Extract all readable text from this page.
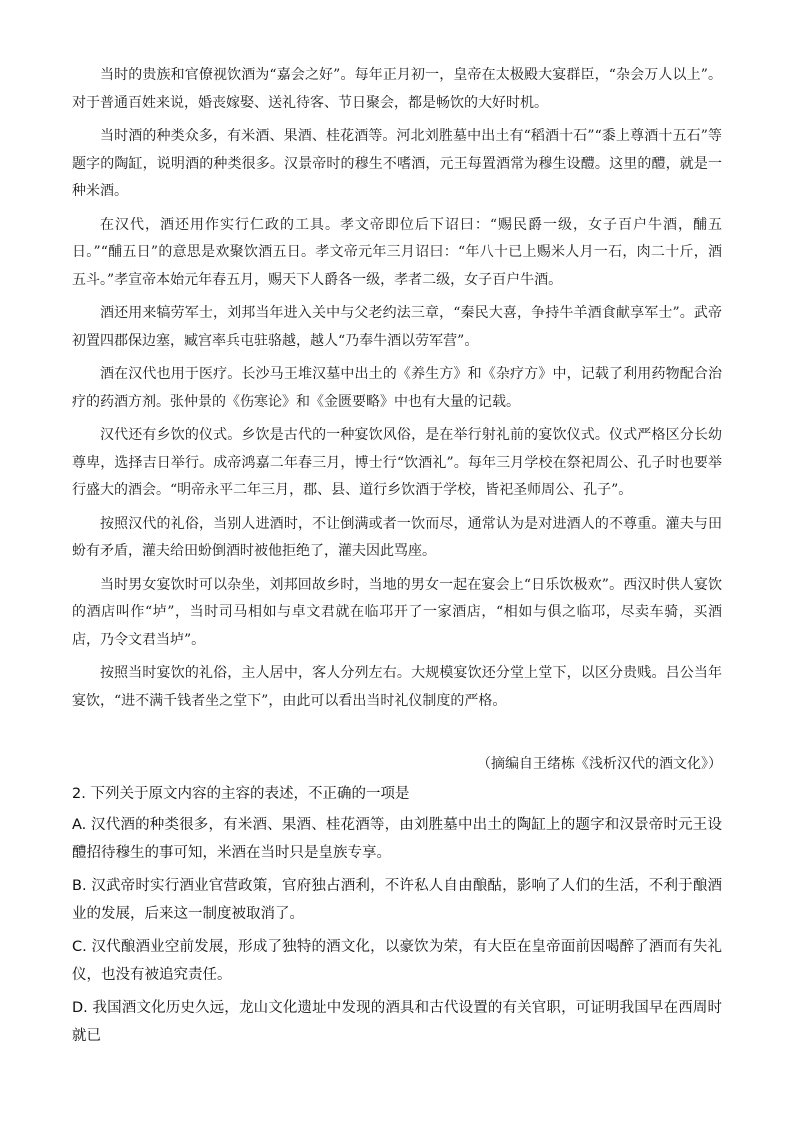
当时的贵族和官僚视饮酒为“嘉会之好”。每年正月初一，皇帝在太极殿大宴群臣，“杂会万人以上”。对于普通百姓来说，婚丧嫁娶、送礼待客、节日聚会，都是畅饮的大好时机。

当时酒的种类众多，有米酒、果酒、桂花酒等。河北刘胜墓中出土有“稻酒十石”“黍上尊酒十五石”等题字的陶缸，说明酒的种类很多。汉景帝时的穆生不嗜酒，元王每置酒常为穆生设醴。这里的醴，就是一种米酒。

在汉代，酒还用作实行仁政的工具。孝文帝即位后下诏曰：“赐民爵一级，女子百户牛酒，酺五日。”“酺五日”的意思是欢聚饮酒五日。孝文帝元年三月诏曰：“年八十已上赐米人月一石，肉二十斤，酒五斗。”孝宣帝本始元年春五月，赐天下人爵各一级，孝者二级，女子百户牛酒。

酒还用来犒劳军士，刘邦当年进入关中与父老约法三章，“秦民大喜，争持牛羊酒食献享军士”。武帝初置四郡保边塞，臧宫率兵屯驻骆越，越人“乃奉牛酒以劳军营”。

酒在汉代也用于医疗。长沙马王堆汉墓中出土的《养生方》和《杂疗方》中，记载了利用药物配合治疗的药酒方剂。张仲景的《伤寒论》和《金匮要略》中也有大量的记载。

汉代还有乡饮的仪式。乡饮是古代的一种宴饮风俗，是在举行射礼前的宴饮仪式。仪式严格区分长幼尊卑，选择吉日举行。成帝鸿嘉二年春三月，博士行“饮酒礼”。每年三月学校在祭祀周公、孔子时也要举行盛大的酒会。“明帝永平二年三月，郡、县、道行乡饮酒于学校，皆祀圣师周公、孔子”。

按照汉代的礼俗，当别人进酒时，不让倒满或者一饮而尽，通常认为是对进酒人的不尊重。灌夫与田蚡有矛盾，灌夫给田蚡倒酒时被他拒绝了，灌夫因此骂座。

当时男女宴饮时可以杂坐，刘邦回故乡时，当地的男女一起在宴会上“日乐饮极欢”。西汉时供人宴饮的酒店叫作“垆”，当时司马相如与卓文君就在临邛开了一家酒店，“相如与俱之临邛，尽卖车骑，买酒店，乃令文君当垆”。

按照当时宴饮的礼俗，主人居中，客人分列左右。大规模宴饮还分堂上堂下，以区分贵贱。吕公当年宴饮，“进不满千钱者坐之堂下”，由此可以看出当时礼仪制度的严格。

（摘编自王绪栋《浅析汉代的酒文化》）

2. 下列关于原文内容的主容的表述，不正确的一项是

A. 汉代酒的种类很多，有米酒、果酒、桂花酒等，由刘胜墓中出土的陶缸上的题字和汉景帝时元王设醴招待穆生的事可知，米酒在当时只是皇族专享。

B. 汉武帝时实行酒业官营政策，官府独占酒利，不许私人自由酿酤，影响了人们的生活，不利于酿酒业的发展，后来这一制度被取消了。

C. 汉代酿酒业空前发展，形成了独特的酒文化，以豪饮为荣，有大臣在皇帝面前因喝醉了酒而有失礼仪，也没有被追究责任。

D. 我国酒文化历史久远，龙山文化遗址中发现的酒具和古代设置的有关官职，可证明我国早在西周时就已
